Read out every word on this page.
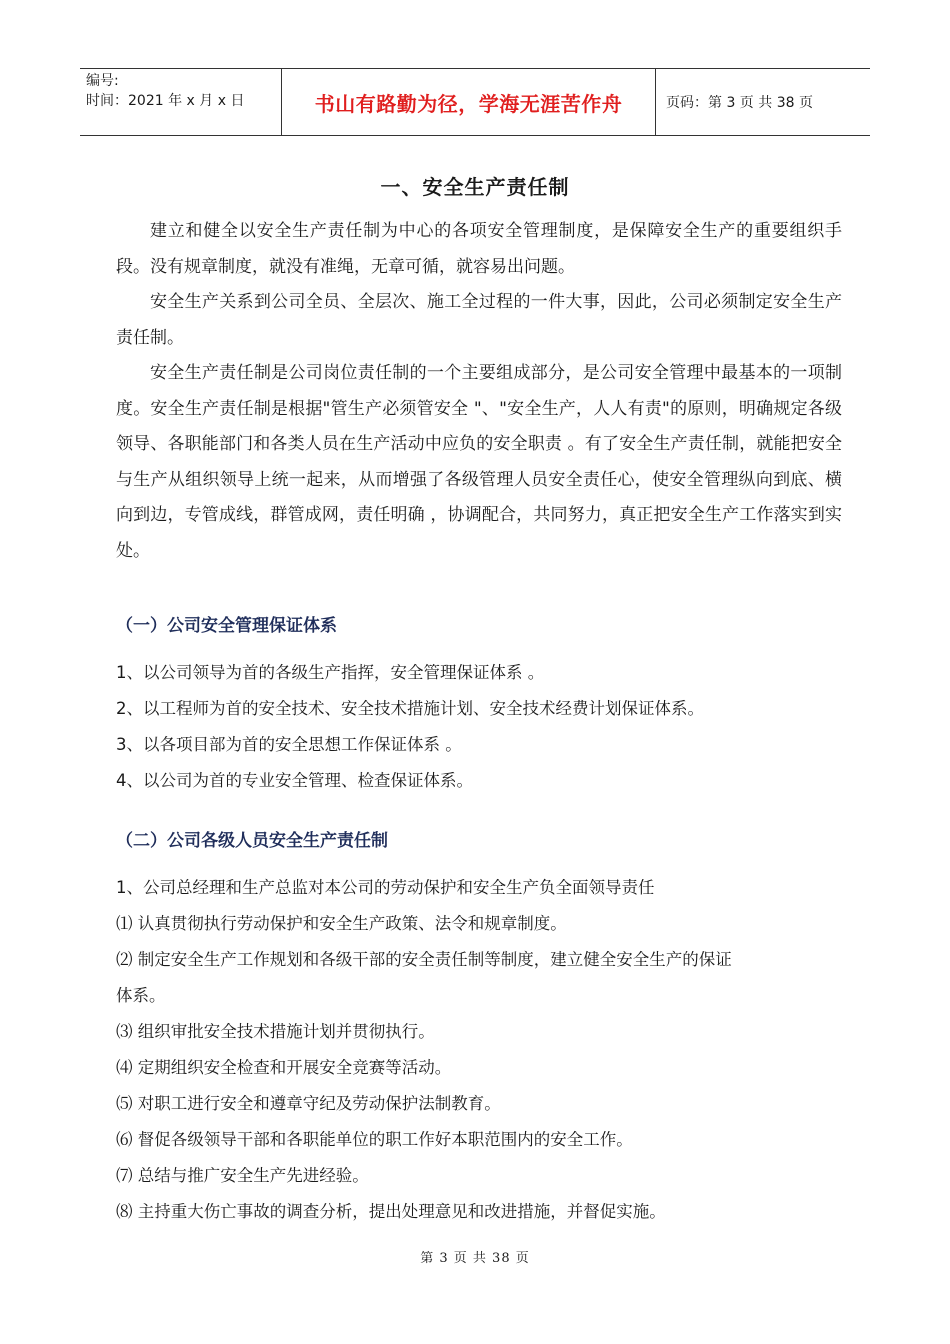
编号:
时间：2021 年 x 月 x 日	书山有路勤为径，学海无涯苦作舟	页码：第 3 页 共 38 页
一、安全生产责任制

建立和健全以安全生产责任制为中心的各项安全管理制度，是保障安全生产的重要组织手段。没有规章制度，就没有准绳，无章可循，就容易出问题。

安全生产关系到公司全员、全层次、施工全过程的一件大事，因此，公司必须制定安全生产责任制。

安全生产责任制是公司岗位责任制的一个主要组成部分，是公司安全管理中最基本的一项制度。安全生产责任制是根据"管生产必须管安全 "、"安全生产，人人有责"的原则，明确规定各级领导、各职能部门和各类人员在生产活动中应负的安全职责 。有了安全生产责任制，就能把安全与生产从组织领导上统一起来，从而增强了各级管理人员安全责任心，使安全管理纵向到底、横向到边，专管成线，群管成网，责任明确 ，协调配合，共同努力，真正把安全生产工作落实到实处。

（一）公司安全管理保证体系
1、以公司领导为首的各级生产指挥，安全管理保证体系 。
2、以工程师为首的安全技术、安全技术措施计划、安全技术经费计划保证体系。
3、以各项目部为首的安全思想工作保证体系 。
4、以公司为首的专业安全管理、检查保证体系。
（二）公司各级人员安全生产责任制
1、公司总经理和生产总监对本公司的劳动保护和安全生产负全面领导责任
⑴ 认真贯彻执行劳动保护和安全生产政策、法令和规章制度。
⑵ 制定安全生产工作规划和各级干部的安全责任制等制度，建立健全安全生产的保证
体系。
⑶ 组织审批安全技术措施计划并贯彻执行。
⑷ 定期组织安全检查和开展安全竞赛等活动。
⑸ 对职工进行安全和遵章守纪及劳动保护法制教育。
⑹ 督促各级领导干部和各职能单位的职工作好本职范围内的安全工作。
⑺ 总结与推广安全生产先进经验。
⑻ 主持重大伤亡事故的调查分析，提出处理意见和改进措施，并督促实施。
第 3 页 共 38 页
